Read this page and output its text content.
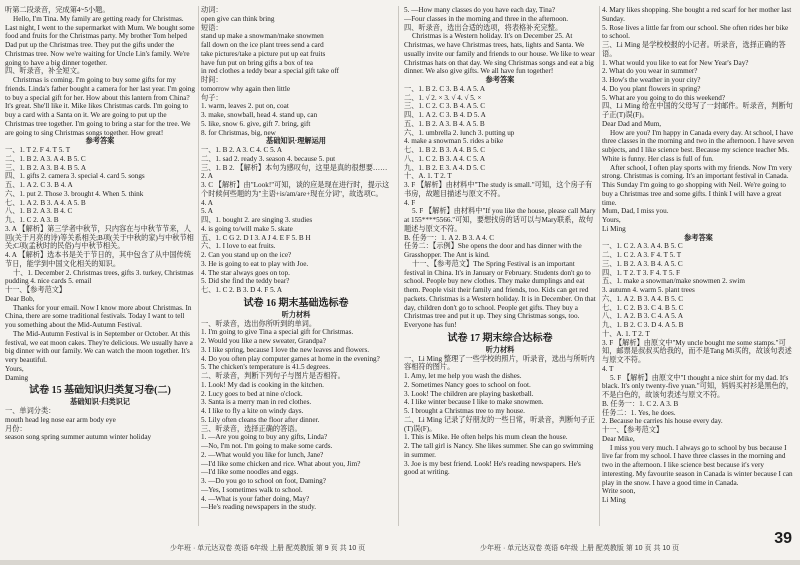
听第二段录音，完成第4~5小题。

Hello, I'm Tina. My family are getting ready for Christmas. Last night, I went to the supermarket with Mum. We bought some food and fruits for the Christmas party. My brother Tom helped Dad put up the Christmas tree. They put the gifts under the Christmas tree. Now we're waiting for Uncle Lin's family. We're going to have a big dinner together.

四、听录音，补全短文。

Christmas is coming. I'm going to buy some gifts for my friends. Linda's father bought a camera for her last year. I'm going to buy a special gift for her. How about this lantern from China? It's great. She'll like it. Mike likes Christmas cards. I'm going to buy a card with a Santa on it. We are going to put up the Christmas tree together. I'm going to bring a star for the tree. We are going to sing Christmas songs together. How great!

参考答案

一、1. T 2. F 4. T 5. T

二、1. B 2. A 3. A 4. B 5. C

三、1. B 2. A 3. B 4. B 5. A

四、1. gifts 2. camera 3. special 4. card 5. songs

五、1. A 2. C 3. B 4. A

六、1. put 2. Those 3. brought 4. When 5. think

七、1. A 2. B 3. A 4. A 5. B

八、1. B 2. A 3. B 4. C

九、1. C 2. A 3. B

3. A 【解析】第三学者中秋节，只内容在与中秋节节来，人回(关于月亮的诗)等关系相关;B项(关于中秋的家)与中秋节相关;C项(孟秋时的民俗)与中秋节相关。

4. A 【解析】选本书是关于节日的，其中包含了从中国传统节日，能学到中国文化相关的知识。

十、1. December 2. Christmas trees, gifts 3. turkey, Christmas pudding 4. nice cards 5. email

十一、【参考范文】

Dear Bob,

Thanks for your email. Now I know more about Christmas. In China, there are some traditional festivals. Today I want to tell you something about the Mid-Autumn Festival.

The Mid-Autumn Festival is in September or October. At this festival, we eat moon cakes. They're delicious. We usually have a big dinner with our family. We can watch the moon together. It's very beautiful.

Yours,

Daming

试卷 15 基础知识归类复习卷(二)

基础知识·归类识记

一、单词分类：

mouth head leg nose ear arm body eye

月份：

season song spring summer autumn winter holiday

动词：

open give can think bring

短语：

stand up make a snowman/make snowmen

fall down on the ice plant trees send a card

take pictures/take a picture put up eat fruits

have fun put on bring gifts a box of tea

in red clothes a teddy bear a special gift take off

时间：

tomorrow why again then little

句子：

1. warm, leaves 2. put on, coat

3. make, snowball, head 4. stand up, can

5. like, snow 6. give, gift 7. bring, gift

8. for Christmas, big, new

基础知识·理解运用

一、1. B 2. A 3. C 4. C 5. A

二、1. sad 2. ready 3. season 4. because 5. put

三、1. B 2. 【解析】本句为感叹句，这里是真的很想要……

2. A

3. C 【解析】由"Look!"可知，谈的应是现在进行时，提示这个时候何些题的为"主语+is/am/are+现在分词"，故选项C。

4. A

5. A

四、1. bought 2. are singing 3. studies

4. is going to/will make 5. skate

五、1. C G 2. D I 3. A J 4. E F 5. B H

六、1. I love to eat fruits.

2. Can you stand up on the ice?

3. He is going to eat to play with Joe.

4. The star always goes on top.

5. Did she find the teddy bear?

七、1. C 2. B 3. D 4. F 5. A

试卷 16 期末基础选标卷

听力材料

一、听录音，选出你所听到的单词。

1. I'm going to give Tina a special gift for Christmas.

2. Would you like a new sweater, Grandpa?

3. I like spring, because I love the new leaves and flowers.

4. Do you often play computer games at home in the evening?

5. The chicken's temperature is 41.5 degrees.

二、听录音，判断下列句子与图片是否相符。

1. Look! My dad is cooking in the kitchen.

2. Lucy goes to bed at nine o'clock.

3. Santa is a merry man in red clothes.

4. I like to fly a kite on windy days.

5. Lily often cleans the floor after dinner.

三、听录音，选择正确的答语。

1. —Are you going to buy any gifts, Linda?

—No, I'm not. I'm going to make some cards.

2. —What would you like for lunch, Jane?

—I'd like some chicken and rice. What about you, Jim?

—I'd like some noodles and eggs.

3. —Do you go to school on foot, Daming?

—Yes, I sometimes walk to school.

4. —What is your father doing, May?

—He's reading newspapers in the study.

5. —How many classes do you have each day, Tina?

—Four classes in the morning and three in the afternoon.

四、听录音，选出合适的选项，将表格补充完整。

Christmas is a Western holiday. It's on December 25. At Christmas, we have Christmas trees, hats, lights and Santa. We usually invite our family and friends to our house. We like to wear Christmas hats on that day. We sing Christmas songs and eat a big dinner. We also give gifts. We all have fun together!

参考答案

一、1. B 2. C 3. B 4. A 5. A

二、1. √ 2. × 3. √ 4. √ 5. ×

三、1. C 2. C 3. B 4. A 5. C

四、1. A 2. C 3. B 4. D 5. A

五、1. B 2. A 3. B 4. A 5. B

六、1. umbrella 2. lunch 3. putting up

4. make a snowman 5. rides a bike

七、1. B 2. B 3. A 4. B 5. C

八、1. C 2. B 3. A 4. C 5. A

九、1. B 2. E 3. A 4. D 5. C

十、A. 1. T 2. T

3. F 【解析】由材料中"The study is small."可知，这个房子有书房，故题目描述与原文不符。

4. F

5. F 【解析】由材料中"If you like the house, please call Mary at 155****5566."可知，要想找房的话可以与Mary联系，故句题述与原文不符。

B. 任务一：1. A 2. B 3. A 4. C

任务二：【示例】She opens the door and has dinner with the Grasshopper. The Ant is kind.

十一、【参考范文】The Spring Festival is an important festival in China. It's in January or February. Students don't go to school. People buy new clothes. They make dumplings and eat them. People visit their family and friends, too. Kids can get red packets. Christmas is a Western holiday. It is in December. On that day, children don't go to school. People get gifts. They buy a Christmas tree and put it up. They sing Christmas songs, too. Everyone has fun!

试卷 17 期末综合达标卷

听力材料

一、Li Ming 整理了一些学校的照片，听录音，选出与所听内容相符的图片。

1. Amy, let me help you wash the dishes.

2. Sometimes Nancy goes to school on foot.

3. Look! The children are playing basketball.

4. I like winter because I like to make snowmen.

5. I brought a Christmas tree to my house.

二、Li Ming 记录了好朋友的一些日常，听录音，判断句子正(T)误(F)。

1. This is Mike. He often helps his mum clean the house.

2. The tall girl is Nancy. She likes summer. She can go swimming in summer.

3. Joe is my best friend. Look! He's reading newspapers. He's good at writing.

4. Mary likes shopping. She bought a red scarf for her mother last Sunday.

5. Rose lives a little far from our school. She often rides her bike to school.

三、Li Ming 是学校校报的小记者。听录音，选择正确的答语。

1. What would you like to eat for New Year's Day?

2. What do you wear in summer?

3. How's the weather in your city?

4. Do you plant flowers in spring?

5. What are you going to do this weekend?

四、Li Ming 给在中国的父母写了一封邮件。听录音，判断句子正(T)误(F)。

Dear Dad and Mum,

How are you? I'm happy in Canada every day. At school, I have three classes in the morning and two in the afternoon. I have seven subjects, and I like science best. Because my science teacher Ms. White is funny. Her class is full of fun.

After school, I often play sports with my friends. Now I'm very strong. Christmas is coming. It's an important festival in Canada. This Sunday I'm going to go shopping with Neil. We're going to buy a Christmas tree and some gifts. I think I will have a great time.

Mum, Dad, I miss you.

Yours,

Li Ming

参考答案

一、1. C 2. A 3. A 4. B 5. C

二、1. C 2. A 3. F 4. T 5. T

三、1. B 2. A 3. B 4. A 5. C

四、1. T 2. T 3. F 4. T 5. F

五、1. make a snowman/make snowmen 2. swim

3. autumn 4. warm 5. plant trees

六、1. A 2. B 3. A 4. B 5. C

七、1. C 2. B 3. C 4. B 5. C

八、1. A 2. B 3. C 4. A 5. A

九、1. B 2. C 3. D 4. A 5. B

十、A. 1. T 2. T

3. F 【解析】由原文中"My uncle bought me some stamps."可知，邮票是叔叔买给我的，而不是Tang Mi买的，故该句表述与原文不符。

4. T

5. F 【解析】由原文中"I thought a nice shirt for my dad. It's black. It's only twenty-five yuan."可知，妈妈买衬衫是黑色的，不是白色的，故该句表述与原文不符。

B. 任务一：1. C 2. A 3. B

任务二：1. Yes, he does.

2. Because he carries his house every day.

十一、【参考范文】

Dear Mike,

I miss you very much. I always go to school by bus because I live far from my school. I have three classes in the morning and two in the afternoon. I like science best because it's very interesting. My favourite season in Canada is winter because I can play in the snow. I have a good time in Canada.

Write soon,

Li Ming

少年班 · 单元达双卷 英语 6年级 上册 配英教版 第 9 页 共 10 页	少年班 · 单元达双卷 英语 6年级 上册 配英教版 第 10 页 共 10 页
39
